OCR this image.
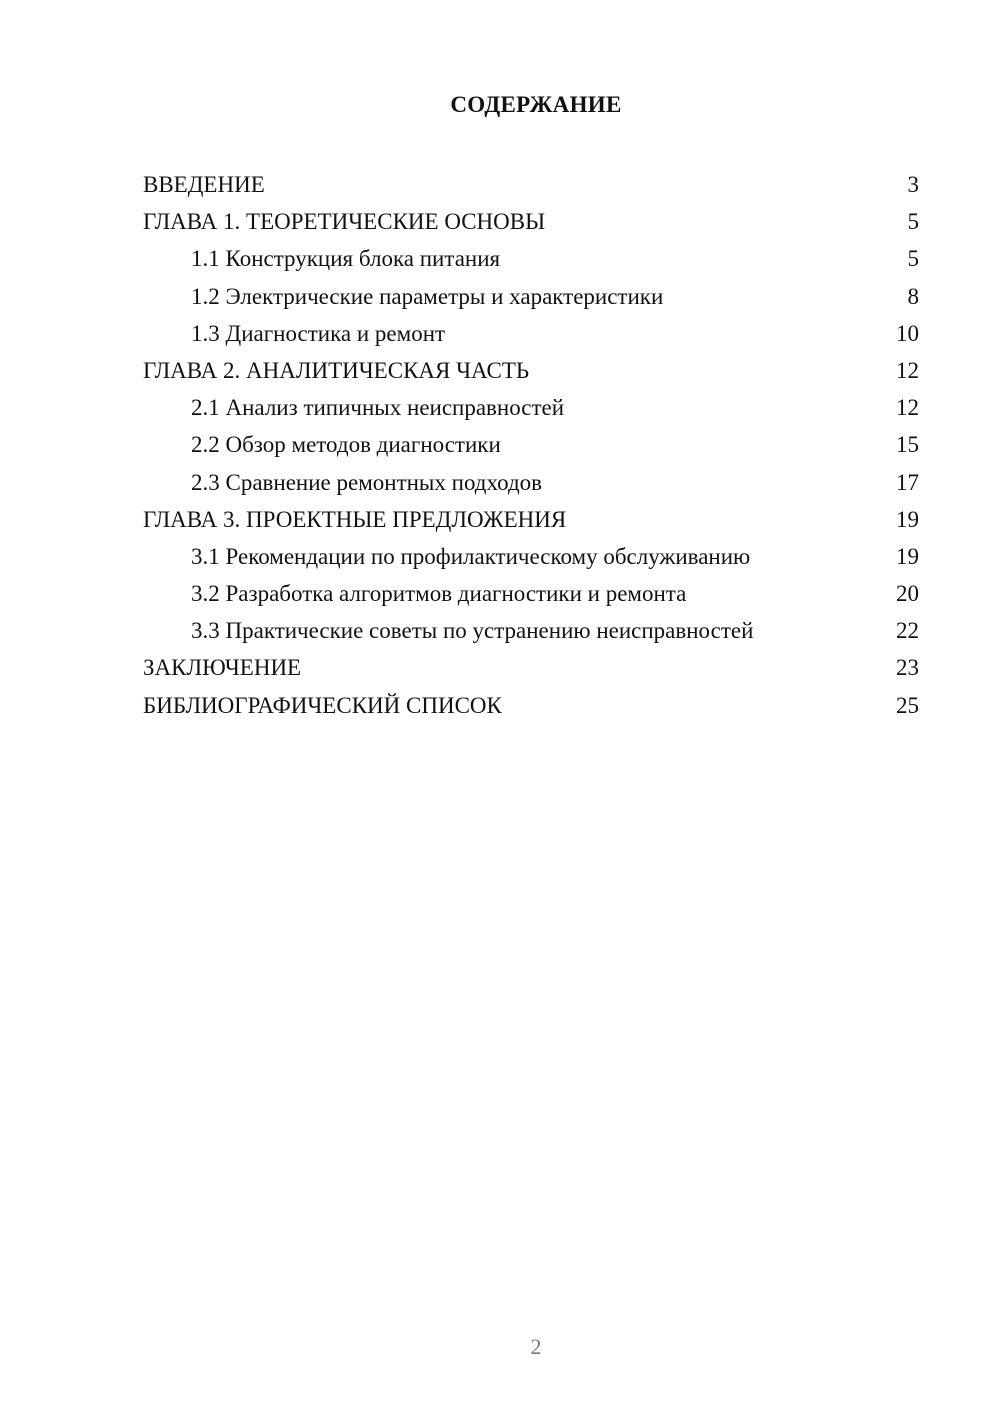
СОДЕРЖАНИЕ
ВВЕДЕНИЕ	3
ГЛАВА 1. ТЕОРЕТИЧЕСКИЕ ОСНОВЫ	5
1.1 Конструкция блока питания	5
1.2 Электрические параметры и характеристики	8
1.3 Диагностика и ремонт	10
ГЛАВА 2. АНАЛИТИЧЕСКАЯ ЧАСТЬ	12
2.1 Анализ типичных неисправностей	12
2.2 Обзор методов диагностики	15
2.3 Сравнение ремонтных подходов	17
ГЛАВА 3. ПРОЕКТНЫЕ ПРЕДЛОЖЕНИЯ	19
3.1 Рекомендации по профилактическому обслуживанию	19
3.2 Разработка алгоритмов диагностики и ремонта	20
3.3 Практические советы по устранению неисправностей	22
ЗАКЛЮЧЕНИЕ	23
БИБЛИОГРАФИЧЕСКИЙ СПИСОК	25
2
